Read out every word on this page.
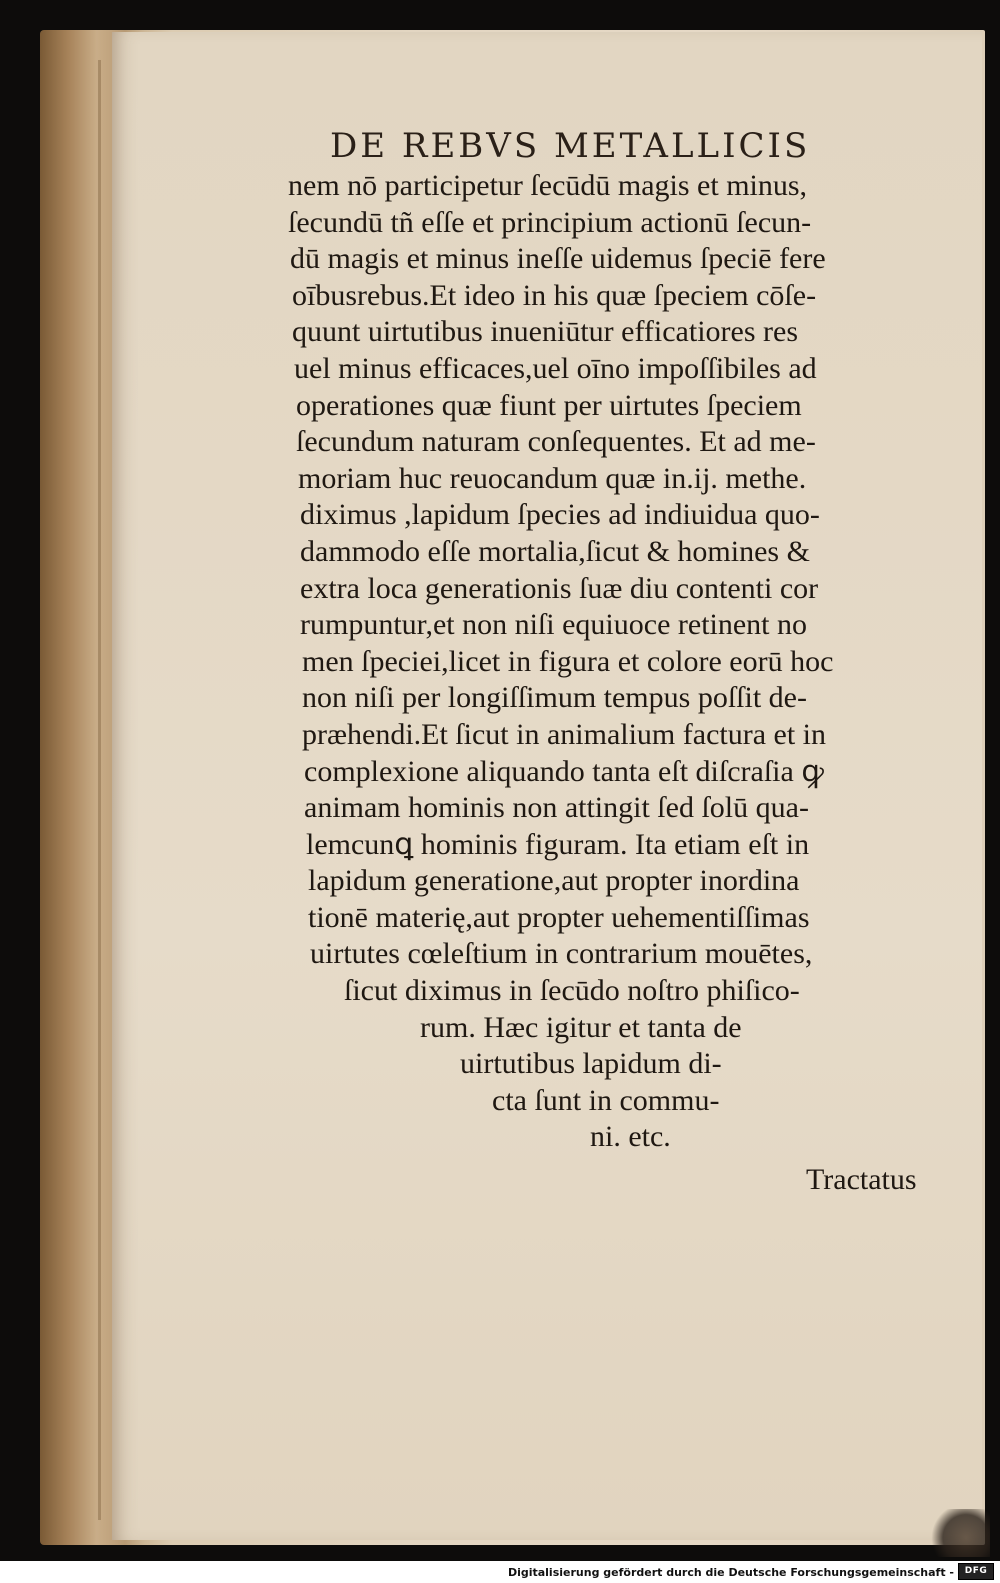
DE REBVS METALLICIS
nem nō participetur ſecūdū magis et minus,
ſecundū tñ eſſe et principium actionū ſecun-
dū magis et minus ineſſe uidemus ſpeciē fere
oībusrebus.Et ideo in his quæ ſpeciem cōſe-
quunt uirtutibus inueniūtur efficatiores res
uel minus efficaces,uel oīno impoſſibiles ad
operationes quæ fiunt per uirtutes ſpeciem
ſecundum naturam conſequentes. Et ad me-
moriam huc reuocandum quæ in.ij. methe.
diximus ,lapidum ſpecies ad indiuidua quo-
dammodo eſſe mortalia,ſicut & homines &
extra loca generationis ſuæ diu contenti cor
rumpuntur,et non niſi equiuoce retinent no
men ſpeciei,licet in figura et colore eorū hoc
non niſi per longiſſimum tempus poſſit de-
præhendi.Et ſicut in animalium factura et in
complexione aliquando tanta eſt diſcraſia ꝙ
animam hominis non attingit ſed ſolū qua-
lemcunꝗ hominis figuram. Ita etiam eſt in
lapidum generatione,aut propter inordina
tionē materię,aut propter uehementiſſimas
uirtutes cœleſtium in contrarium mouētes,
ſicut diximus in ſecūdo noſtro phiſico-
rum. Hæc igitur et tanta de
uirtutibus lapidum di-
cta ſunt in commu-
ni. etc.
Tractatus
Digitalisierung gefördert durch die Deutsche Forschungsgemeinschaft -	DFG
